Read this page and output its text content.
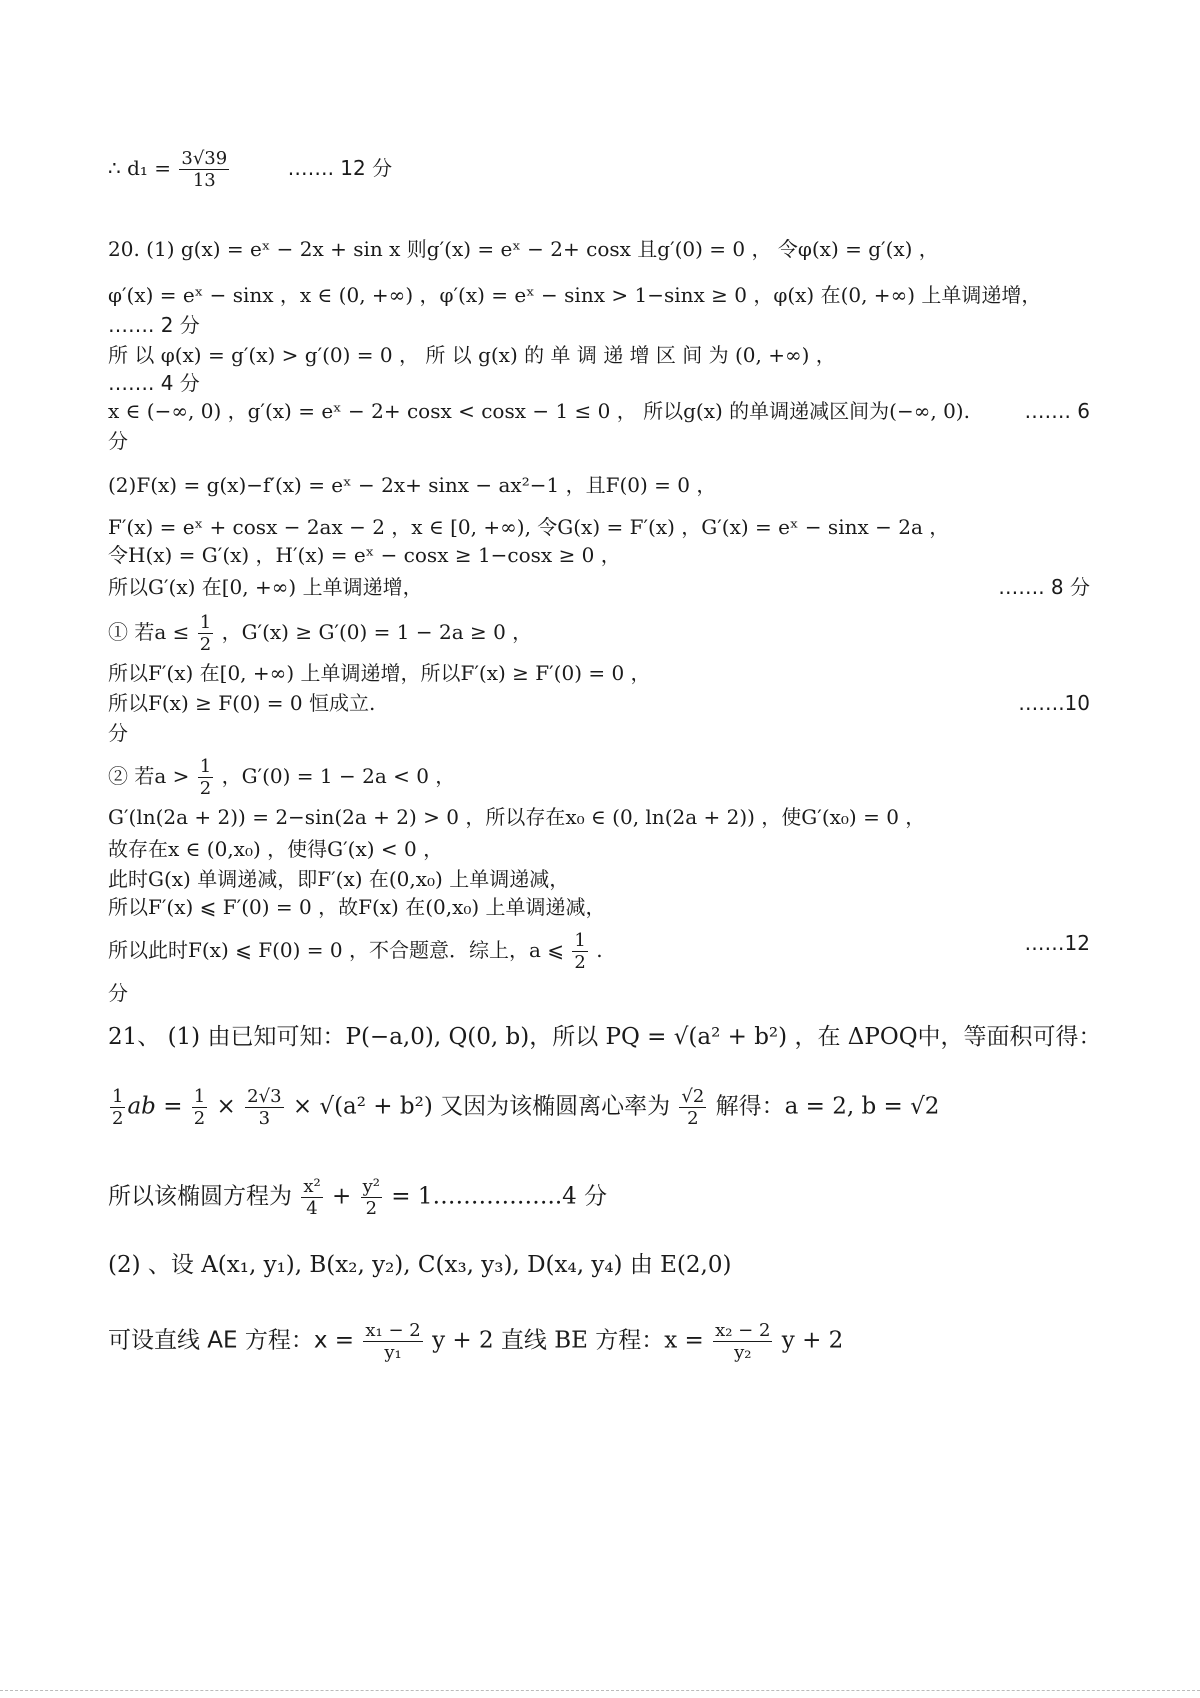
∴ $d_1 = \frac{3√39}{13}$	……. 12 分
20. (1) g(x) = eˣ − 2x + sin x 则g′(x) = eˣ − 2+ cosx 且g′(0) = 0 ， 令φ(x) = g′(x) ，
φ′(x) = eˣ − sinx ，x ∈ (0, +∞) ，φ′(x) = eˣ − sinx > 1−sinx ≥ 0 ，φ(x) 在(0, +∞) 上单调递增，
……. 2 分
所 以 φ(x) = g′(x) > g′(0) = 0 ， 所 以 g(x) 的 单 调 递 增 区 间 为 (0, +∞) ，
……. 4 分
x ∈ (−∞, 0) ，g′(x) = eˣ − 2+ cosx < cosx − 1 ≤ 0 ， 所以g(x) 的单调递减区间为(−∞, 0).	……. 6
分
(2)F(x) = g(x)−f′(x) = eˣ − 2x+ sinx − ax²−1 ，且F(0) = 0 ，
F′(x) = eˣ + cosx − 2ax − 2 ，x ∈ [0, +∞), 令G(x) = F′(x) ，G′(x) = eˣ − sinx − 2a ，
令H(x) = G′(x) ，H′(x) = eˣ − cosx ≥ 1−cosx ≥ 0 ，
所以G′(x) 在[0, +∞) 上单调递增，	……. 8 分
① 若$a \le \frac{1}{2}$ ，G′(x) ≥ G′(0) = 1 − 2a ≥ 0 ，
所以F′(x) 在[0, +∞) 上单调递增，所以F′(x) ≥ F′(0) = 0 ，
所以F(x) ≥ F(0) = 0 恒成立.	…….10
分
② 若$a > \frac{1}{2}$ ，G′(0) = 1 − 2a < 0 ，
G′(ln(2a + 2)) = 2−sin(2a + 2) > 0 ，所以存在x₀ ∈ (0, ln(2a + 2)) ，使G′(x₀) = 0 ，
故存在x ∈ (0,x₀) ，使得G′(x) < 0 ，
此时G(x) 单调递减，即F′(x) 在(0,x₀) 上单调递减，
所以F′(x) ⩽ F′(0) = 0 ，故F(x) 在(0,x₀) 上单调递减，
所以此时F(x) ⩽ F(0) = 0 ，不合题意．综上，a ⩽ $\frac{1}{2}$ .	……12
分
21、 (1) 由已知可知：P(−a,0), Q(0, b)，所以 PQ = √(a² + b²) ，在 ΔPOQ中，等面积可得：
$\frac{1}{2}$ ab = $\frac{1}{2} \times \frac{2√3}{3} \times √(a^2 + b^2)$ 又因为该椭圆离心率为 $\frac{√2}{2}$ 解得：a = 2, b = √2
所以该椭圆方程为 $\frac{\text{x²}}{4} + \frac{\text{y²}}{2}$ = 1……………..4 分
(2) 、设 A(x₁, y₁), B(x₂, y₂), C(x₃, y₃), D(x₄, y₄) 由 E(2,0)
可设直线 AE 方程：$x = \frac{\text{x₁ − 2}}{\text{y₁}}$ y + 2 直线 BE 方程：$x = \frac{\text{x₂ − 2}}{\text{y₂}}$ y + 2
